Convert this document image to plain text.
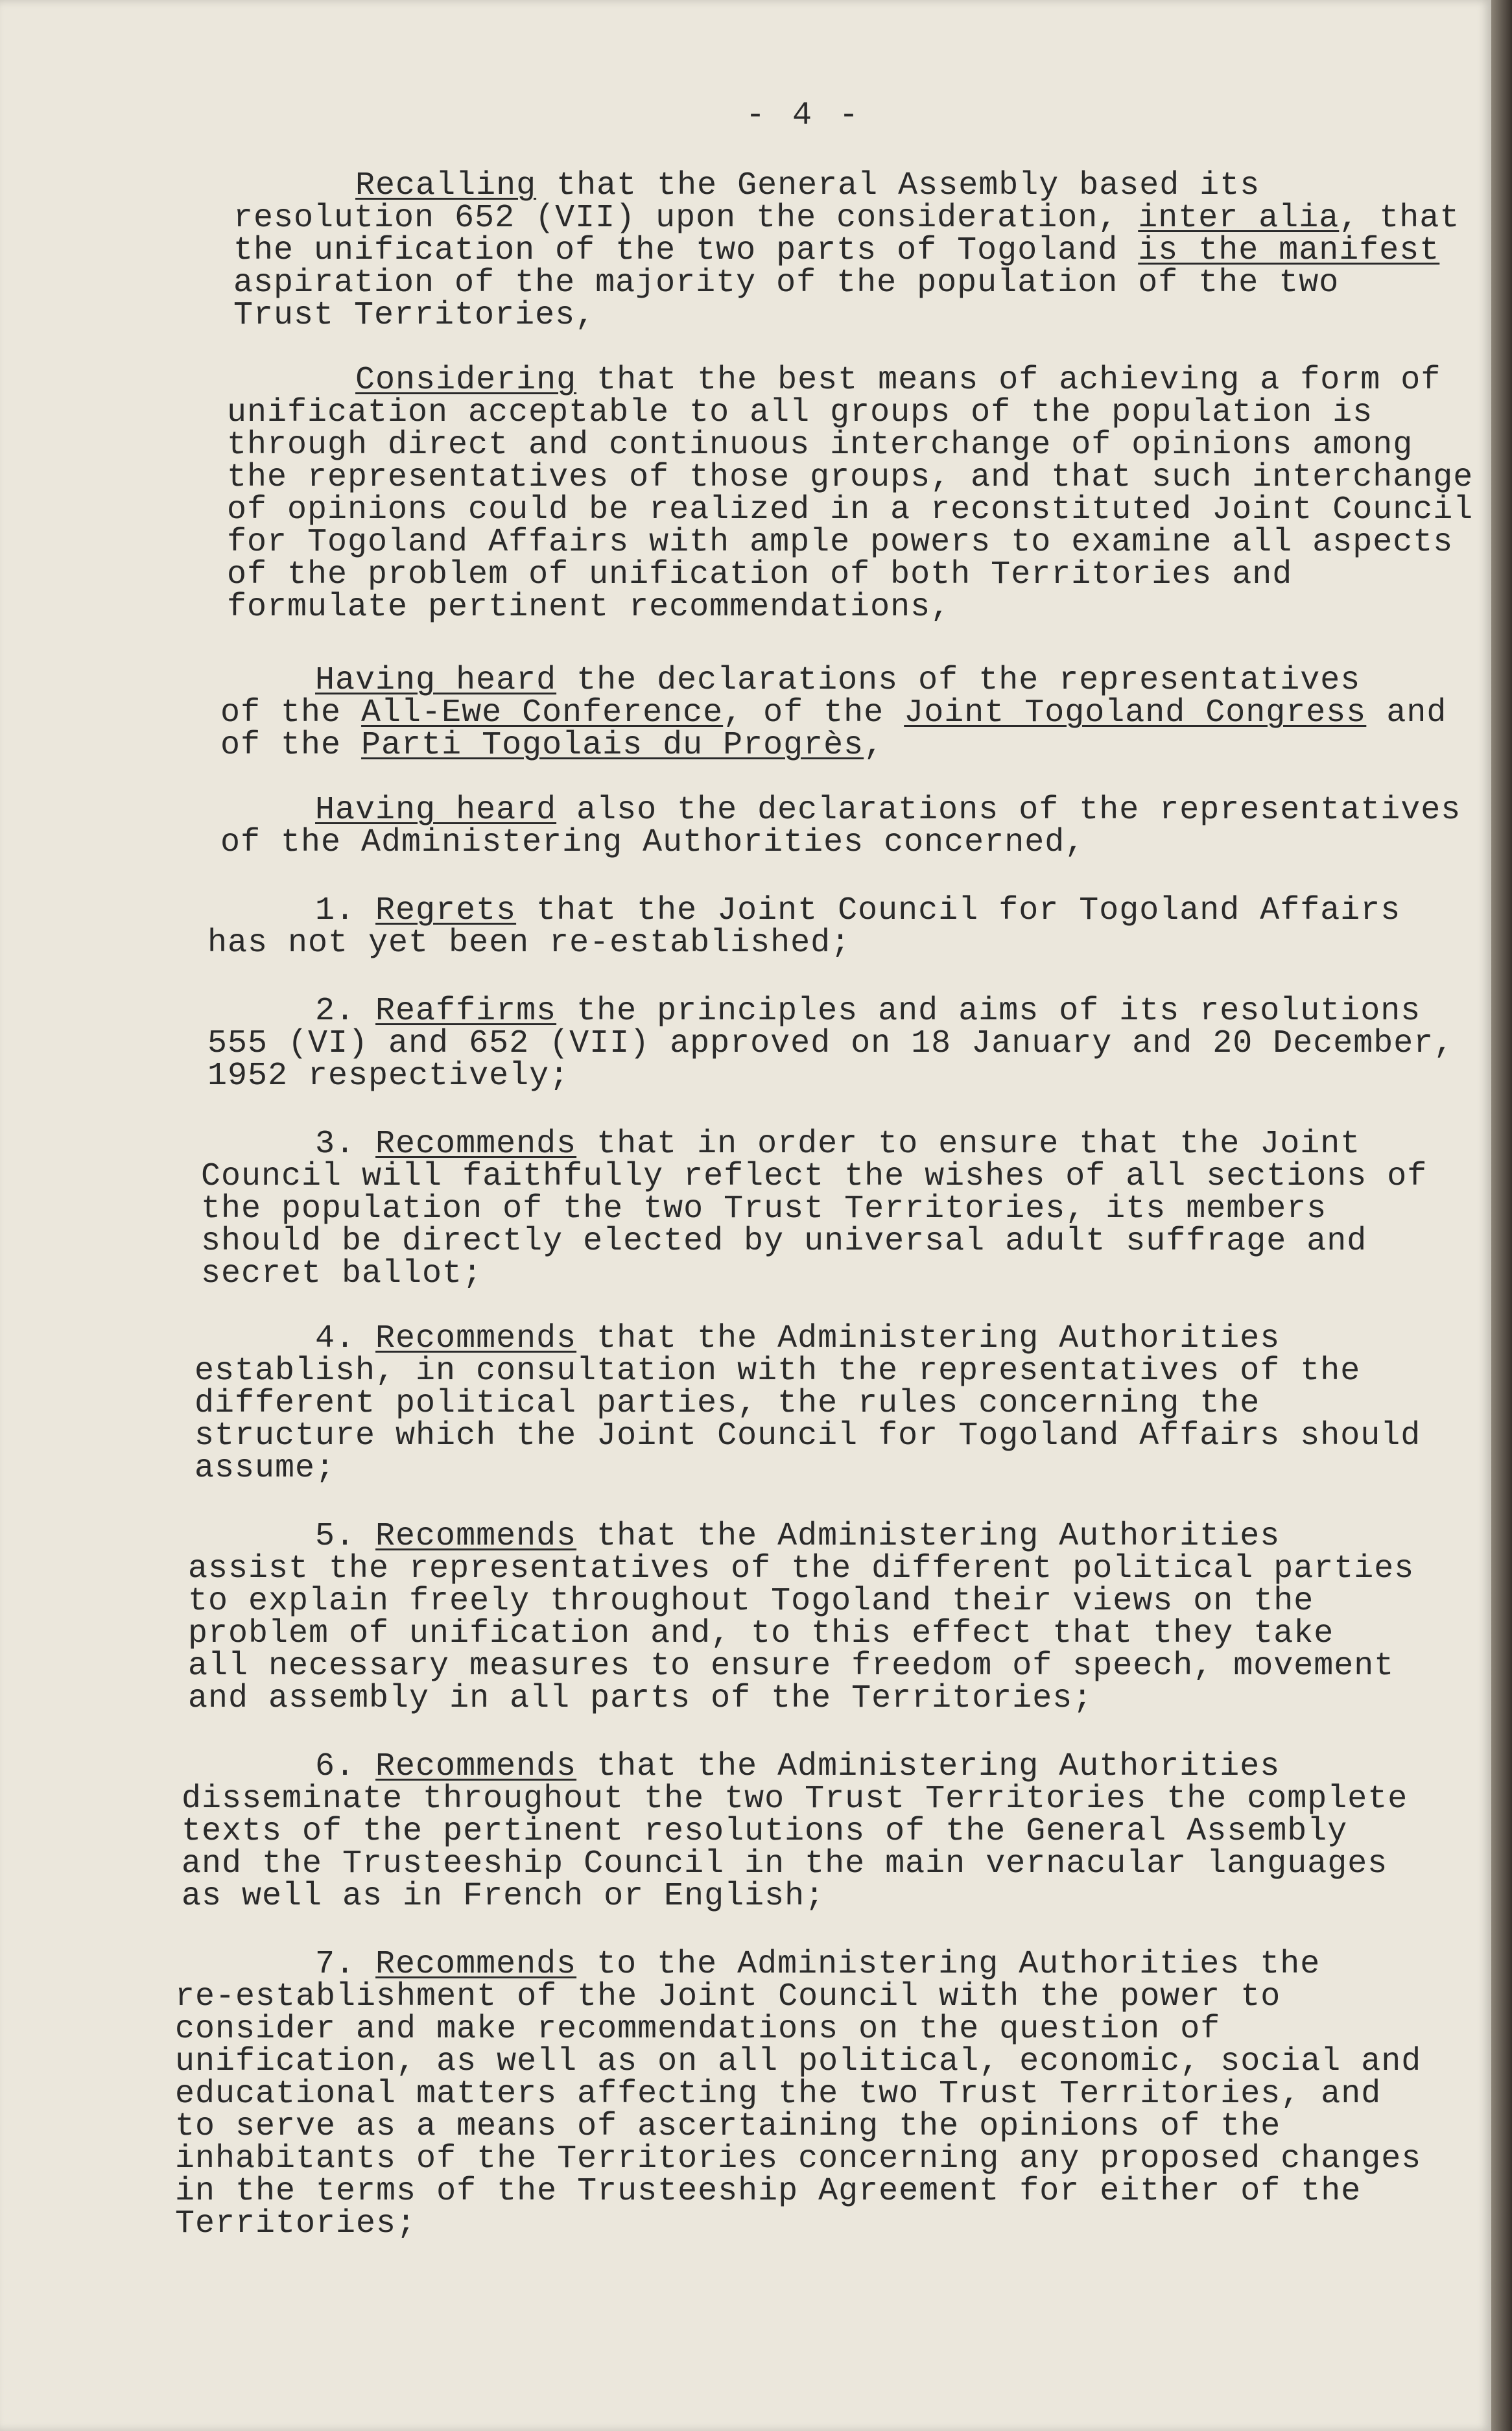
- 4 -
Recalling that the General Assembly based its
resolution 652 (VII) upon the consideration, inter alia, that
the unification of the two parts of Togoland is the manifest
aspiration of the majority of the population of the two
Trust Territories,
Considering that the best means of achieving a form of
unification acceptable to all groups of the population is
through direct and continuous interchange of opinions among
the representatives of those groups, and that such interchange
of opinions could be realized in a reconstituted Joint Council
for Togoland Affairs with ample powers to examine all aspects
of the problem of unification of both Territories and
formulate pertinent recommendations,
Having heard the declarations of the representatives
of the All-Ewe Conference, of the Joint Togoland Congress and
of the Parti Togolais du Progrès,
Having heard also the declarations of the representatives
of the Administering Authorities concerned,
1. Regrets that the Joint Council for Togoland Affairs
has not yet been re-established;
2. Reaffirms the principles and aims of its resolutions
555 (VI) and 652 (VII) approved on 18 January and 20 December,
1952 respectively;
3. Recommends that in order to ensure that the Joint
Council will faithfully reflect the wishes of all sections of
the population of the two Trust Territories, its members
should be directly elected by universal adult suffrage and
secret ballot;
4. Recommends that the Administering Authorities
establish, in consultation with the representatives of the
different political parties, the rules concerning the
structure which the Joint Council for Togoland Affairs should
assume;
5. Recommends that the Administering Authorities
assist the representatives of the different political parties
to explain freely throughout Togoland their views on the
problem of unification and, to this effect that they take
all necessary measures to ensure freedom of speech, movement
and assembly in all parts of the Territories;
6. Recommends that the Administering Authorities
disseminate throughout the two Trust Territories the complete
texts of the pertinent resolutions of the General Assembly
and the Trusteeship Council in the main vernacular languages
as well as in French or English;
7. Recommends to the Administering Authorities the
re-establishment of the Joint Council with the power to
consider and make recommendations on the question of
unification, as well as on all political, economic, social and
educational matters affecting the two Trust Territories, and
to serve as a means of ascertaining the opinions of the
inhabitants of the Territories concerning any proposed changes
in the terms of the Trusteeship Agreement for either of the
Territories;
